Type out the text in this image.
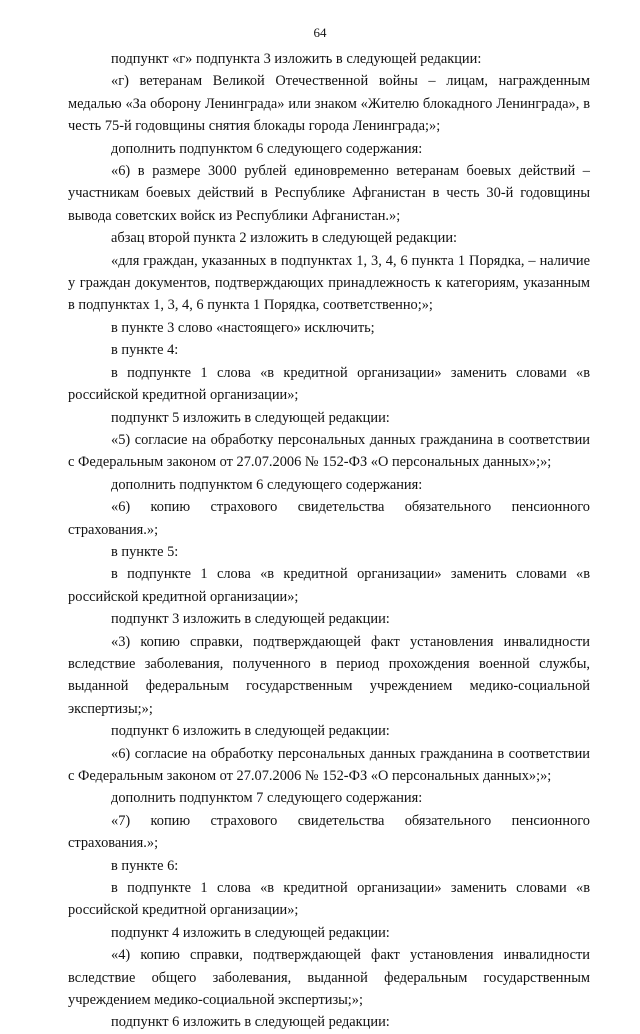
64

подпункт «г» подпункта 3 изложить в следующей редакции:

«г) ветеранам Великой Отечественной войны – лицам, награжденным медалью «За оборону Ленинграда» или знаком «Жителю блокадного Ленинграда», в честь 75-й годовщины снятия блокады города Ленинграда;»;

дополнить подпунктом 6 следующего содержания:

«6) в размере 3000 рублей единовременно ветеранам боевых действий – участникам боевых действий в Республике Афганистан в честь 30-й годовщины вывода советских войск из Республики Афганистан.»;

абзац второй пункта 2 изложить в следующей редакции:

«для граждан, указанных в подпунктах 1, 3, 4, 6 пункта 1 Порядка, – наличие у граждан документов, подтверждающих принадлежность к категориям, указанным в подпунктах 1, 3, 4, 6 пункта 1 Порядка, соответственно;»;

в пункте 3 слово «настоящего» исключить;

в пункте 4:

в подпункте 1 слова «в кредитной организации» заменить словами «в российской кредитной организации»;

подпункт 5 изложить в следующей редакции:

«5) согласие на обработку персональных данных гражданина в соответствии с Федеральным законом от 27.07.2006 № 152-ФЗ «О персональных данных»;»;

дополнить подпунктом 6 следующего содержания:

«6) копию страхового свидетельства обязательного пенсионного страхования.»;

в пункте 5:

в подпункте 1 слова «в кредитной организации» заменить словами «в российской кредитной организации»;

подпункт 3 изложить в следующей редакции:

«3) копию справки, подтверждающей факт установления инвалидности вследствие заболевания, полученного в период прохождения военной службы, выданной федеральным государственным учреждением медико-социальной экспертизы;»;

подпункт 6 изложить в следующей редакции:

«6) согласие на обработку персональных данных гражданина в соответствии с Федеральным законом от 27.07.2006 № 152-ФЗ «О персональных данных»;»;

дополнить подпунктом 7 следующего содержания:

«7) копию страхового свидетельства обязательного пенсионного страхования.»;

в пункте 6:

в подпункте 1 слова «в кредитной организации» заменить словами «в российской кредитной организации»;

подпункт 4 изложить в следующей редакции:

«4) копию справки, подтверждающей факт установления инвалидности вследствие общего заболевания, выданной федеральным государственным учреждением медико-социальной экспертизы;»;

подпункт 6 изложить в следующей редакции:
